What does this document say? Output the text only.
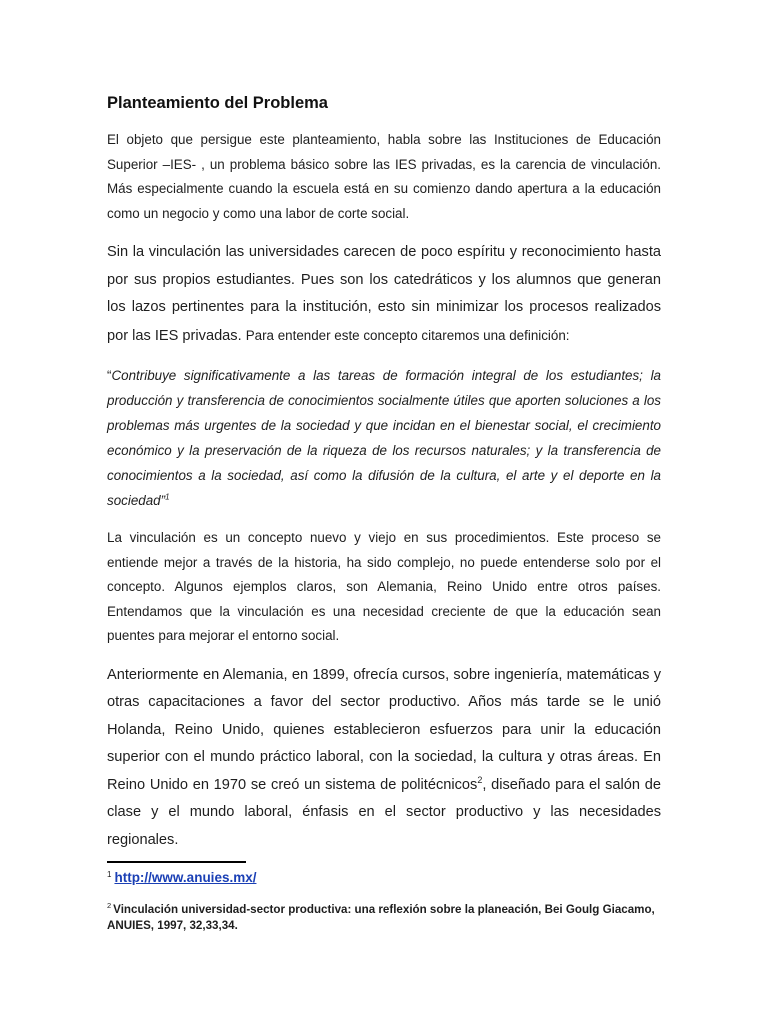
Planteamiento del Problema

El objeto que persigue este planteamiento, habla sobre las Instituciones de Educación Superior –IES- , un problema básico sobre las IES privadas, es la carencia de vinculación. Más especialmente cuando la escuela está en su comienzo dando apertura a la educación como un negocio y como una labor de corte social.

Sin la vinculación las universidades carecen de poco espíritu y reconocimiento hasta por sus propios estudiantes. Pues son los catedráticos y los alumnos que generan los lazos pertinentes para la institución, esto sin minimizar los procesos realizados por las IES privadas. Para entender este concepto citaremos una definición:

“Contribuye significativamente a las tareas de formación integral de los estudiantes; la producción y transferencia de conocimientos socialmente útiles que aporten soluciones a los problemas más urgentes de la sociedad y que incidan en el bienestar social, el crecimiento económico y la preservación de la riqueza de los recursos naturales; y la transferencia de conocimientos a la sociedad, así como la difusión de la cultura, el arte y el deporte en la sociedad”$^1$

La vinculación es un concepto nuevo y viejo en sus procedimientos. Este proceso se entiende mejor a través de la historia, ha sido complejo, no puede entenderse solo por el concepto. Algunos ejemplos claros, son Alemania, Reino Unido entre otros países. Entendamos que la vinculación es una necesidad creciente de que la educación sean puentes para mejorar el entorno social.

Anteriormente en Alemania, en 1899, ofrecía cursos, sobre ingeniería, matemáticas y otras capacitaciones a favor del sector productivo. Años más tarde se le unió Holanda, Reino Unido, quienes establecieron esfuerzos para unir la educación superior con el mundo práctico laboral, con la sociedad, la cultura y otras áreas. En Reino Unido en 1970 se creó un sistema de politécnicos$^2$, diseñado para el salón de clase y el mundo laboral, énfasis en el sector productivo y las necesidades regionales.

$^1$ http://www.anuies.mx/
$^2$ Vinculación universidad-sector productiva: una reflexión sobre la planeación, Bei Goulg Giacamo, ANUIES, 1997, 32,33,34.
